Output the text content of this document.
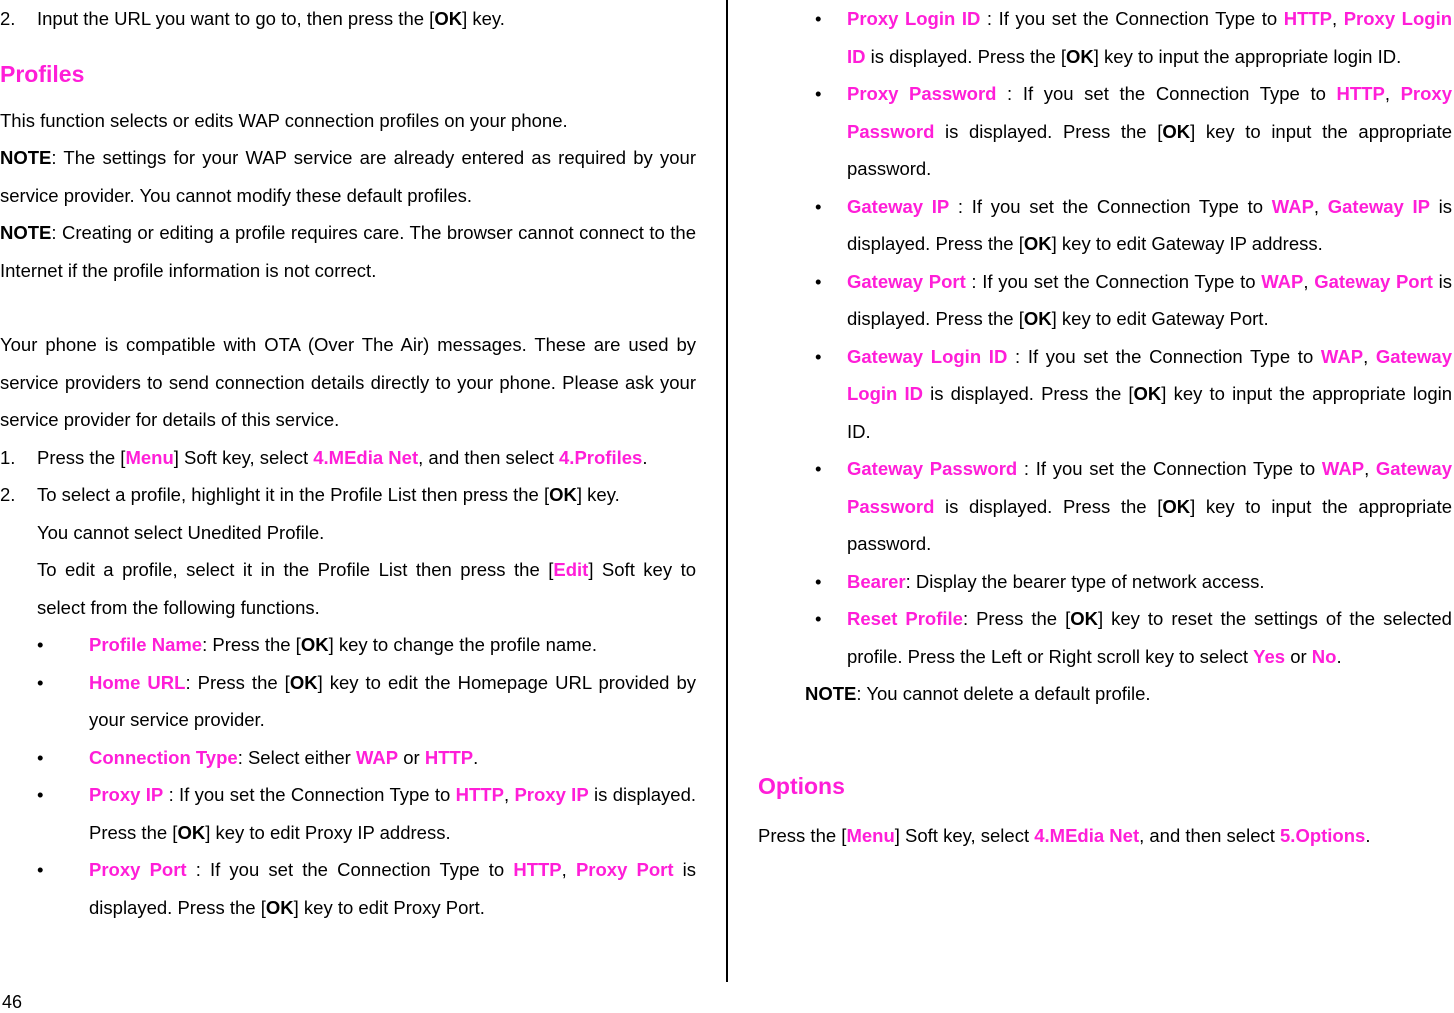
2. Input the URL you want to go to, then press the [OK] key.

Profiles

This function selects or edits WAP connection profiles on your phone.

NOTE: The settings for your WAP service are already entered as required by your service provider. You cannot modify these default profiles.

NOTE: Creating or editing a profile requires care. The browser cannot connect to the Internet if the profile information is not correct.

Your phone is compatible with OTA (Over The Air) messages. These are used by service providers to send connection details directly to your phone. Please ask your service provider for details of this service.

1. Press the [Menu] Soft key, select 4.MEdia Net, and then select 4.Profiles.

2. To select a profile, highlight it in the Profile List then press the [OK] key.

You cannot select Unedited Profile.

To edit a profile, select it in the Profile List then press the [Edit] Soft key to select from the following functions.

• Profile Name: Press the [OK] key to change the profile name.

• Home URL: Press the [OK] key to edit the Homepage URL provided by your service provider.

• Connection Type: Select either WAP or HTTP.

• Proxy IP : If you set the Connection Type to HTTP, Proxy IP is displayed. Press the [OK] key to edit Proxy IP address.

• Proxy Port : If you set the Connection Type to HTTP, Proxy Port is displayed. Press the [OK] key to edit Proxy Port.

• Proxy Login ID : If you set the Connection Type to HTTP, Proxy Login ID is displayed. Press the [OK] key to input the appropriate login ID.

• Proxy Password : If you set the Connection Type to HTTP, Proxy Password is displayed. Press the [OK] key to input the appropriate password.

• Gateway IP : If you set the Connection Type to WAP, Gateway IP is displayed. Press the [OK] key to edit Gateway IP address.

• Gateway Port : If you set the Connection Type to WAP, Gateway Port is displayed. Press the [OK] key to edit Gateway Port.

• Gateway Login ID : If you set the Connection Type to WAP, Gateway Login ID is displayed. Press the [OK] key to input the appropriate login ID.

• Gateway Password : If you set the Connection Type to WAP, Gateway Password is displayed. Press the [OK] key to input the appropriate password.

• Bearer: Display the bearer type of network access.

• Reset Profile: Press the [OK] key to reset the settings of the selected profile. Press the Left or Right scroll key to select Yes or No.

NOTE: You cannot delete a default profile.

Options

Press the [Menu] Soft key, select 4.MEdia Net, and then select 5.Options.

46
